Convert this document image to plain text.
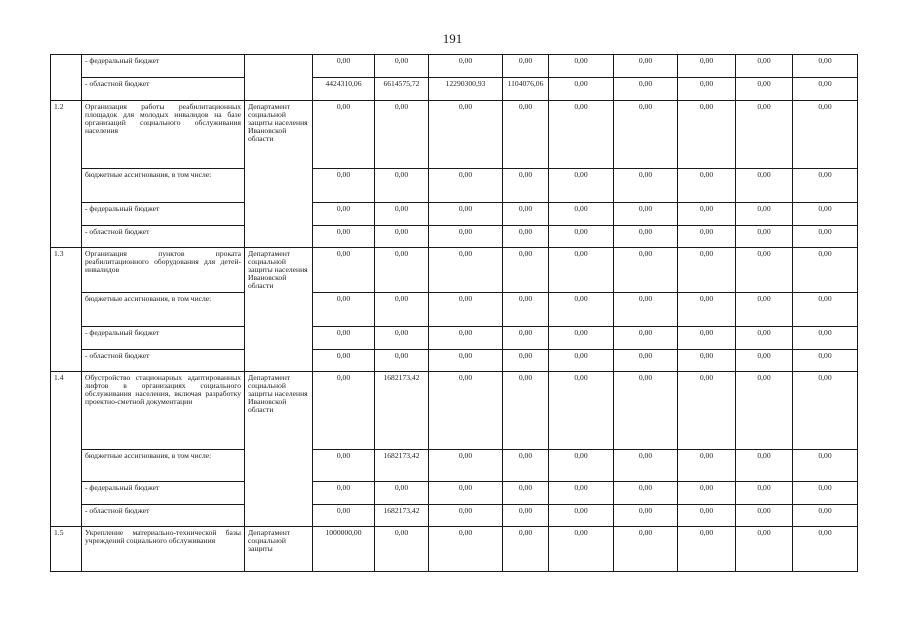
191
	- федеральный бюджет		0,00	0,00	0,00	0,00	0,00	0,00	0,00	0,00	0,00
	- областной бюджет		4424310,06	6614575,72	12290300,93	1104076,06	0,00	0,00	0,00	0,00	0,00
1.2	Организация работы реабилитационных площадок для молодых инвалидов на базе организаций социального обслуживания населения	Департамент социальной защиты населения Ивановской области	0,00	0,00	0,00	0,00	0,00	0,00	0,00	0,00	0,00
	бюджетные ассигнования, в том числе:		0,00	0,00	0,00	0,00	0,00	0,00	0,00	0,00	0,00
	- федеральный бюджет		0,00	0,00	0,00	0,00	0,00	0,00	0,00	0,00	0,00
	- областной бюджет		0,00	0,00	0,00	0,00	0,00	0,00	0,00	0,00	0,00
1.3	Организация пунктов проката реабилитационного оборудования для детей-инвалидов	Департамент социальной защиты населения Ивановской области	0,00	0,00	0,00	0,00	0,00	0,00	0,00	0,00	0,00
	бюджетные ассигнования, в том числе:		0,00	0,00	0,00	0,00	0,00	0,00	0,00	0,00	0,00
	- федеральный бюджет		0,00	0,00	0,00	0,00	0,00	0,00	0,00	0,00	0,00
	- областной бюджет		0,00	0,00	0,00	0,00	0,00	0,00	0,00	0,00	0,00
1.4	Обустройство стационарных адаптированных лифтов в организациях социального обслуживания населения, включая разработку проектно-сметной документации	Департамент социальной защиты населения Ивановской области	0,00	1682173,42	0,00	0,00	0,00	0,00	0,00	0,00	0,00
	бюджетные ассигнования, в том числе:		0,00	1682173,42	0,00	0,00	0,00	0,00	0,00	0,00	0,00
	- федеральный бюджет		0,00	0,00	0,00	0,00	0,00	0,00	0,00	0,00	0,00
	- областной бюджет		0,00	1682173,42	0,00	0,00	0,00	0,00	0,00	0,00	0,00
1.5	Укрепление материально-технической базы учреждений социального обслуживания	Департамент социальной защиты	1000000,00	0,00	0,00	0,00	0,00	0,00	0,00	0,00	0,00
